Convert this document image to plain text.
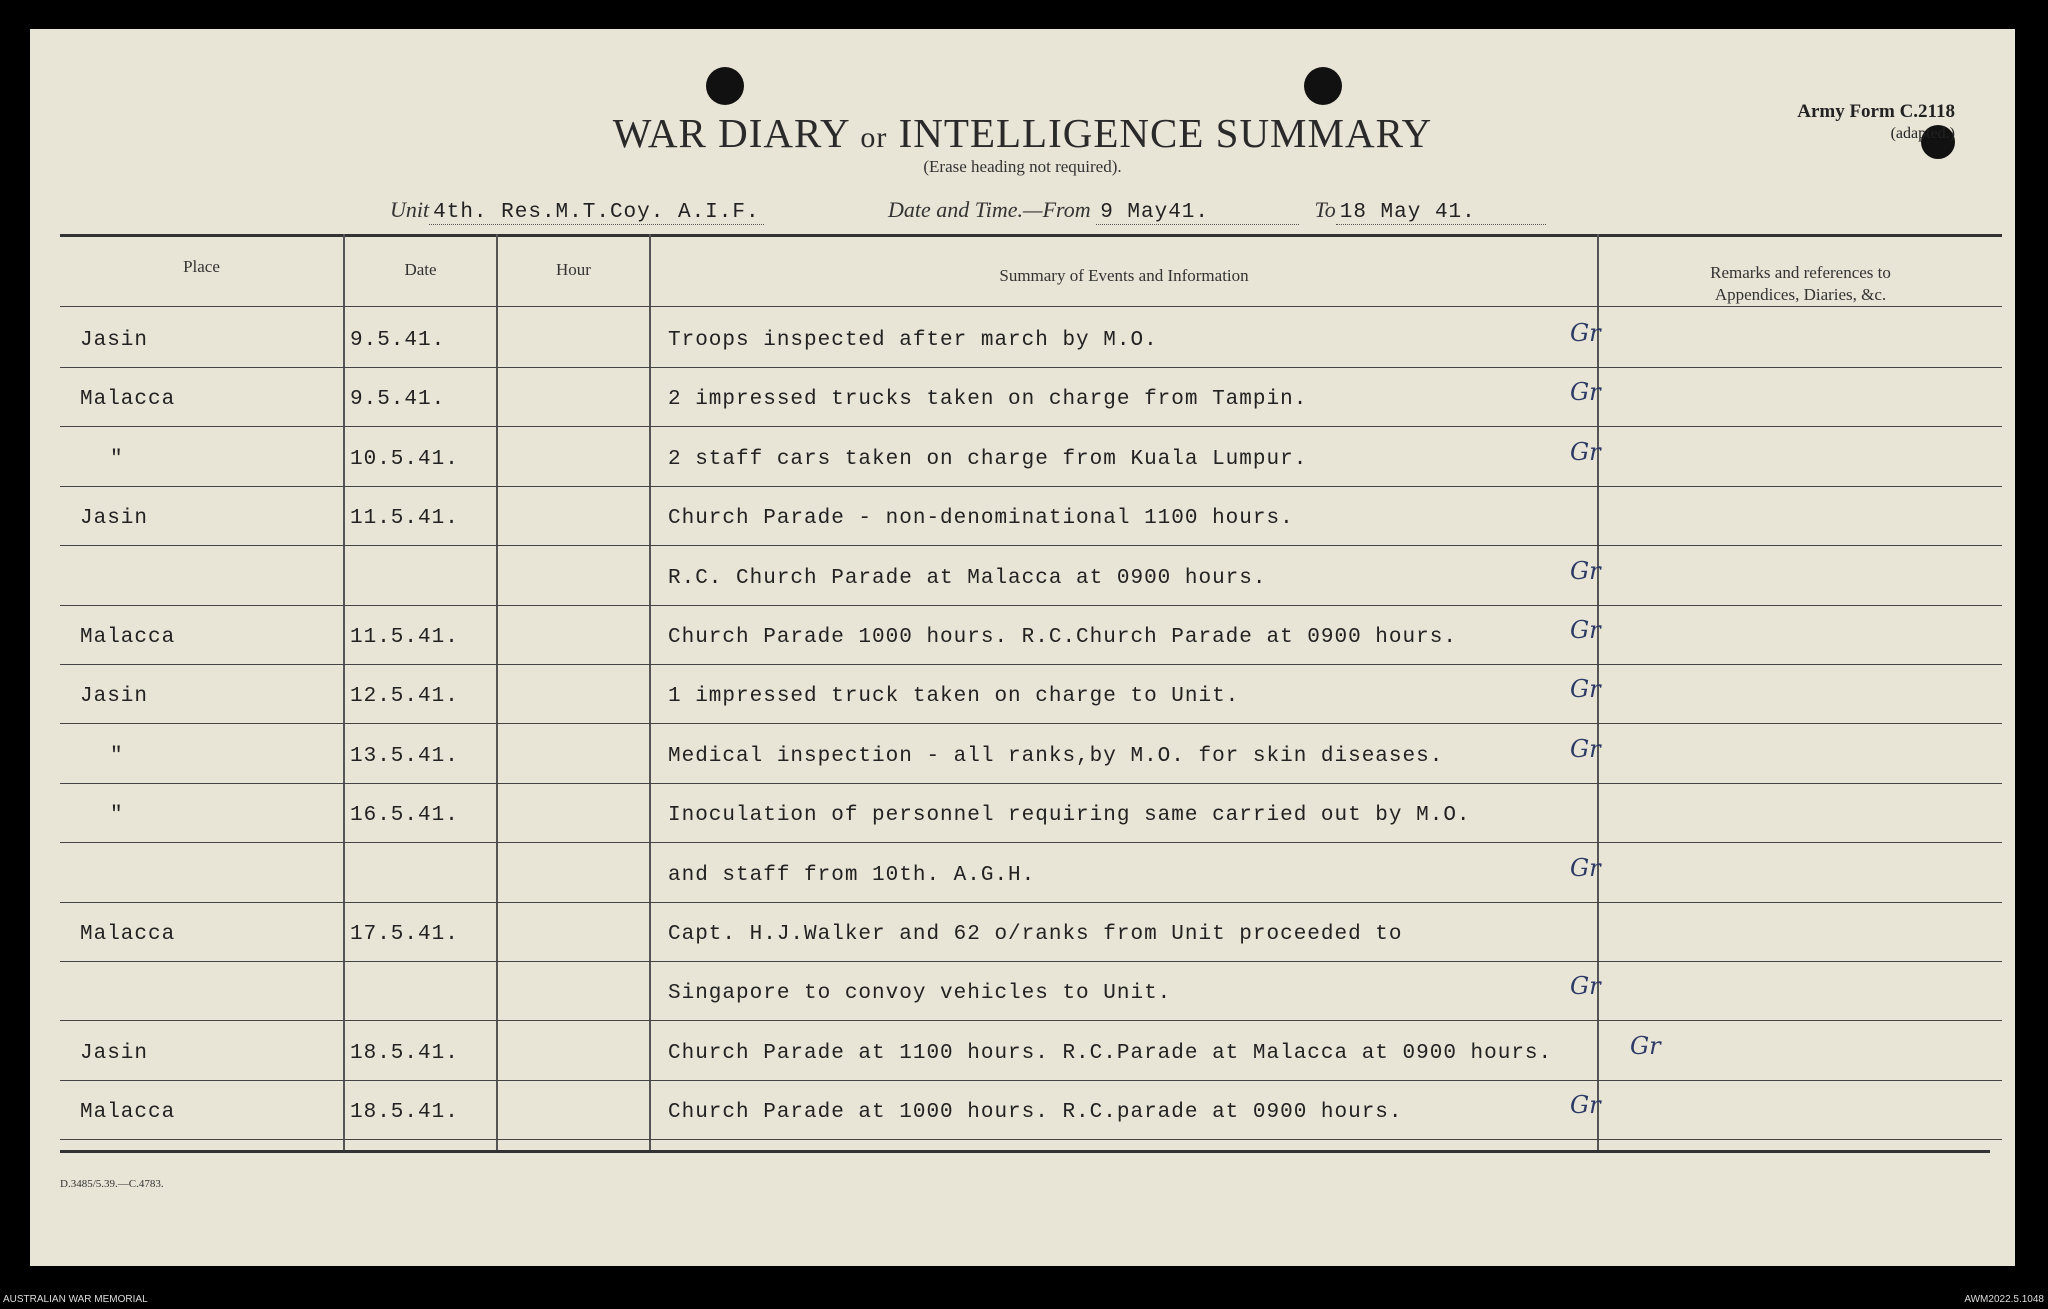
WAR DIARY or INTELLIGENCE SUMMARY
(Erase heading not required).
Army Form C.2118
(adapted.)
Unit 4th. Res.M.T.Coy. A.I.F.	Date and Time.—From 9 May41.	To 18 May 41.
Place	Date	Hour	Summary of Events and Information	Remarks and references to
Appendices, Diaries, &c.
Jasin	9.5.41.	Troops inspected after march by M.O.	Gr
Malacca	9.5.41.	2 impressed trucks taken on charge from Tampin.	Gr
"	10.5.41.	2 staff cars taken on charge from Kuala Lumpur.	Gr
Jasin	11.5.41.	Church Parade - non-denominational 1100 hours.
R.C. Church Parade at Malacca at 0900 hours.	Gr
Malacca	11.5.41.	Church Parade 1000 hours. R.C.Church Parade at 0900 hours.	Gr
Jasin	12.5.41.	1 impressed truck taken on charge to Unit.	Gr
"	13.5.41.	Medical inspection - all ranks,by M.O. for skin diseases.	Gr
"	16.5.41.	Inoculation of personnel requiring same carried out by M.O.
and staff from 10th. A.G.H.	Gr
Malacca	17.5.41.	Capt. H.J.Walker and 62 o/ranks from Unit proceeded to
Singapore to convoy vehicles to Unit.	Gr
Jasin	18.5.41.	Church Parade at 1100 hours. R.C.Parade at Malacca at 0900 hours.	Gr
Malacca	18.5.41.	Church Parade at 1000 hours. R.C.parade at 0900 hours.	Gr
D.3485/5.39.—C.4783.
AUSTRALIAN WAR MEMORIAL	AWM2022.5.1048
